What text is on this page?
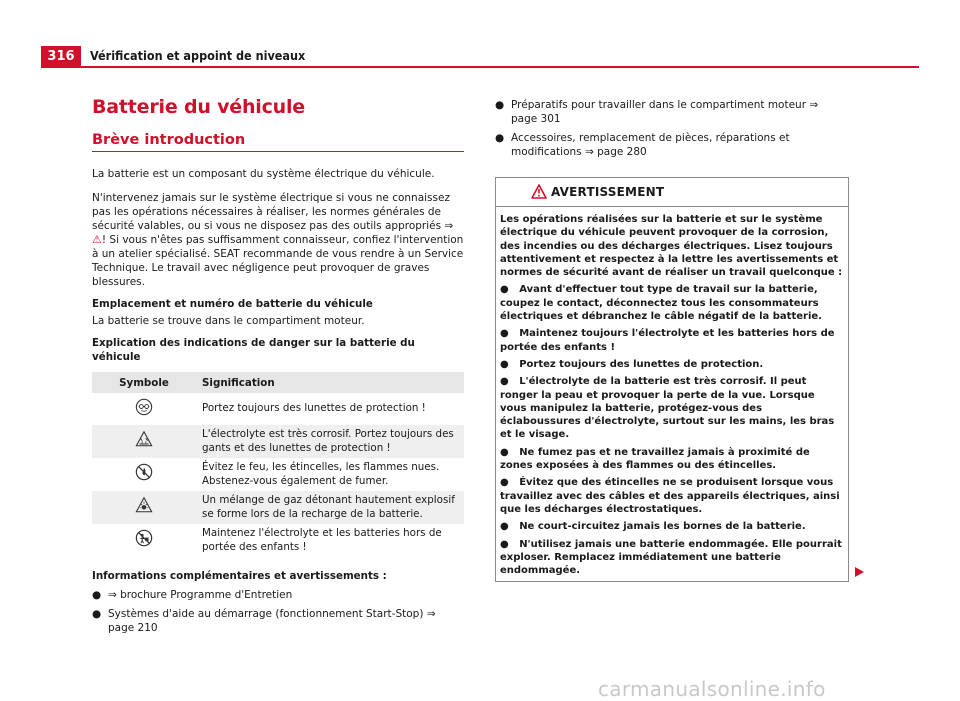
316	Vérification et appoint de niveaux
Batterie du véhicule
Brève introduction

La batterie est un composant du système électrique du véhicule.

N'intervenez jamais sur le système électrique si vous ne connaissez pas les opérations nécessaires à réaliser, les normes générales de sécurité valables, ou si vous ne disposez pas des outils appropriés ⇒ ⚠! Si vous n'êtes pas suffisamment connaisseur, confiez l'intervention à un atelier spécialisé. SEAT recommande de vous rendre à un Service Technique. Le travail avec négligence peut provoquer de graves blessures.

Emplacement et numéro de batterie du véhicule

La batterie se trouve dans le compartiment moteur.

Explication des indications de danger sur la batterie du véhicule

Symbole	Signification
	Portez toujours des lunettes de protection !
	L'électrolyte est très corrosif. Portez toujours des gants et des lunettes de protection !
	Évitez le feu, les étincelles, les flammes nues. Abstenez-vous également de fumer.
	Un mélange de gaz détonant hautement explosif se forme lors de la recharge de la batterie.
	Maintenez l'électrolyte et les batteries hors de portée des enfants !

Informations complémentaires et avertissements :

● ⇒ brochure Programme d'Entretien
● Systèmes d'aide au démarrage (fonctionnement Start-Stop) ⇒ page 210
● Préparatifs pour travailler dans le compartiment moteur ⇒ page 301
● Accessoires, remplacement de pièces, réparations et modifications ⇒ page 280
AVERTISSEMENT

Les opérations réalisées sur la batterie et sur le système électrique du véhicule peuvent provoquer de la corrosion, des incendies ou des décharges électriques. Lisez toujours attentivement et respectez à la lettre les avertissements et normes de sécurité avant de réaliser un travail quelconque :

● Avant d'effectuer tout type de travail sur la batterie, coupez le contact, déconnectez tous les consommateurs électriques et débranchez le câble négatif de la batterie.

● Maintenez toujours l'électrolyte et les batteries hors de portée des enfants !

● Portez toujours des lunettes de protection.

● L'électrolyte de la batterie est très corrosif. Il peut ronger la peau et provoquer la perte de la vue. Lorsque vous manipulez la batterie, protégez-vous des éclaboussures d'électrolyte, surtout sur les mains, les bras et le visage.

● Ne fumez pas et ne travaillez jamais à proximité de zones exposées à des flammes ou des étincelles.

● Évitez que des étincelles ne se produisent lorsque vous travaillez avec des câbles et des appareils électriques, ainsi que les décharges électrostatiques.

● Ne court-circuitez jamais les bornes de la batterie.

● N'utilisez jamais une batterie endommagée. Elle pourrait exploser. Remplacez immédiatement une batterie endommagée.

carmanualsonline.info
